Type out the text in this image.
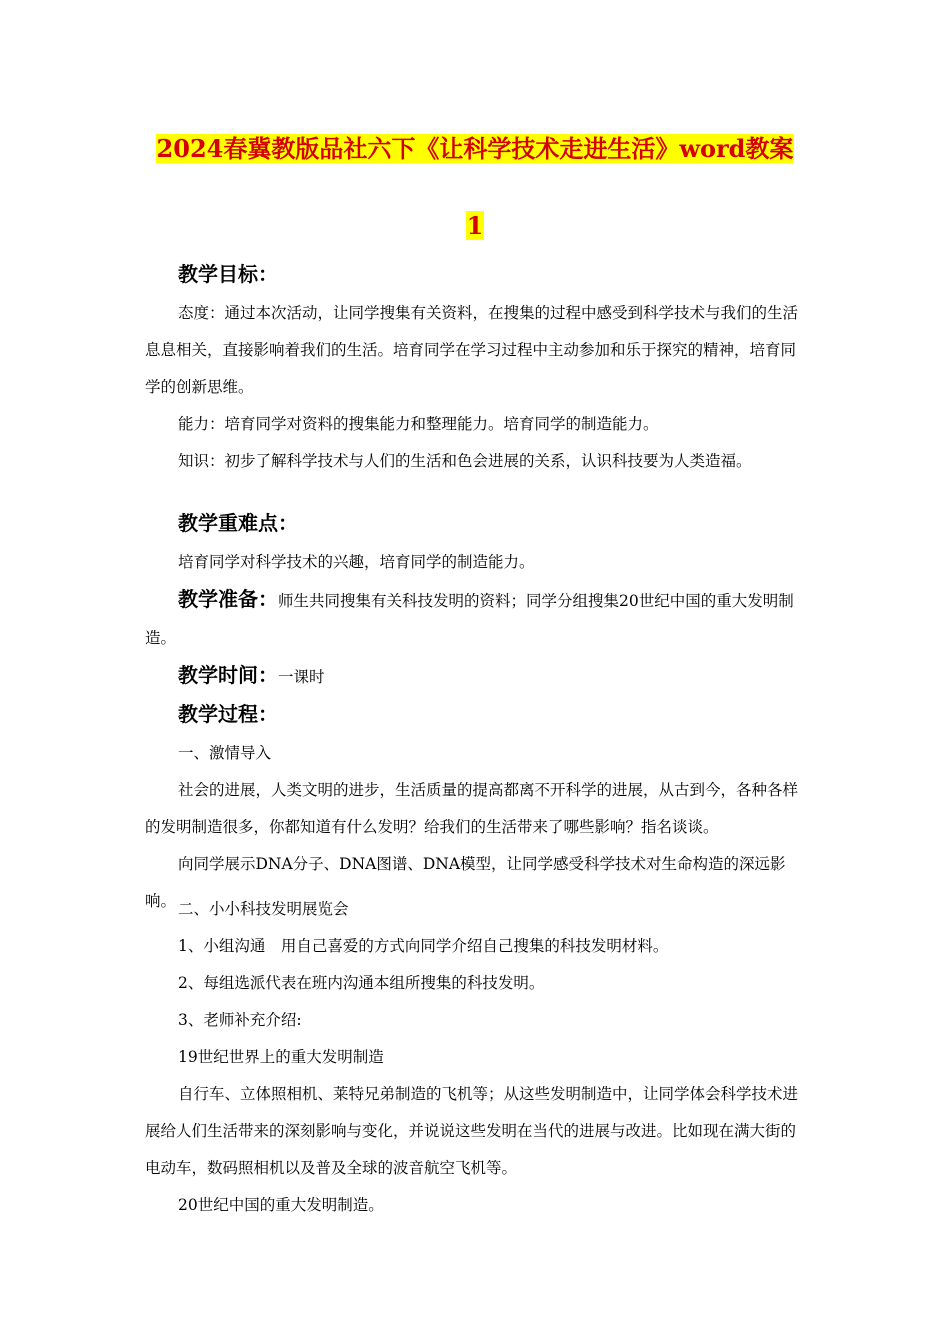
2024春冀教版品社六下《让科学技术走进生活》word教案
1

教学目标：

态度：通过本次活动，让同学搜集有关资料，在搜集的过程中感受到科学技术与我们的生活息息相关，直接影响着我们的生活。培育同学在学习过程中主动参加和乐于探究的精神，培育同学的创新思维。

能力：培育同学对资料的搜集能力和整理能力。培育同学的制造能力。

知识：初步了解科学技术与人们的生活和色会进展的关系，认识科技要为人类造福。

教学重难点：

培育同学对科学技术的兴趣，培育同学的制造能力。

教学准备：师生共同搜集有关科技发明的资料；同学分组搜集20世纪中国的重大发明制造。

教学时间：一课时

教学过程：

一、激情导入

社会的进展，人类文明的进步，生活质量的提高都离不开科学的进展，从古到今，各种各样的发明制造很多，你都知道有什么发明？给我们的生活带来了哪些影响？指名谈谈。

向同学展示DNA分子、DNA图谱、DNA模型，让同学感受科学技术对生命构造的深远影响。 二、小小科技发明展览会

1、小组沟通　用自己喜爱的方式向同学介绍自己搜集的科技发明材料。

2、每组选派代表在班内沟通本组所搜集的科技发明。

3、老师补充介绍:

19世纪世界上的重大发明制造

自行车、立体照相机、莱特兄弟制造的飞机等；从这些发明制造中，让同学体会科学技术进展给人们生活带来的深刻影响与变化，并说说这些发明在当代的进展与改进。比如现在满大街的电动车，数码照相机以及普及全球的波音航空飞机等。

20世纪中国的重大发明制造。
